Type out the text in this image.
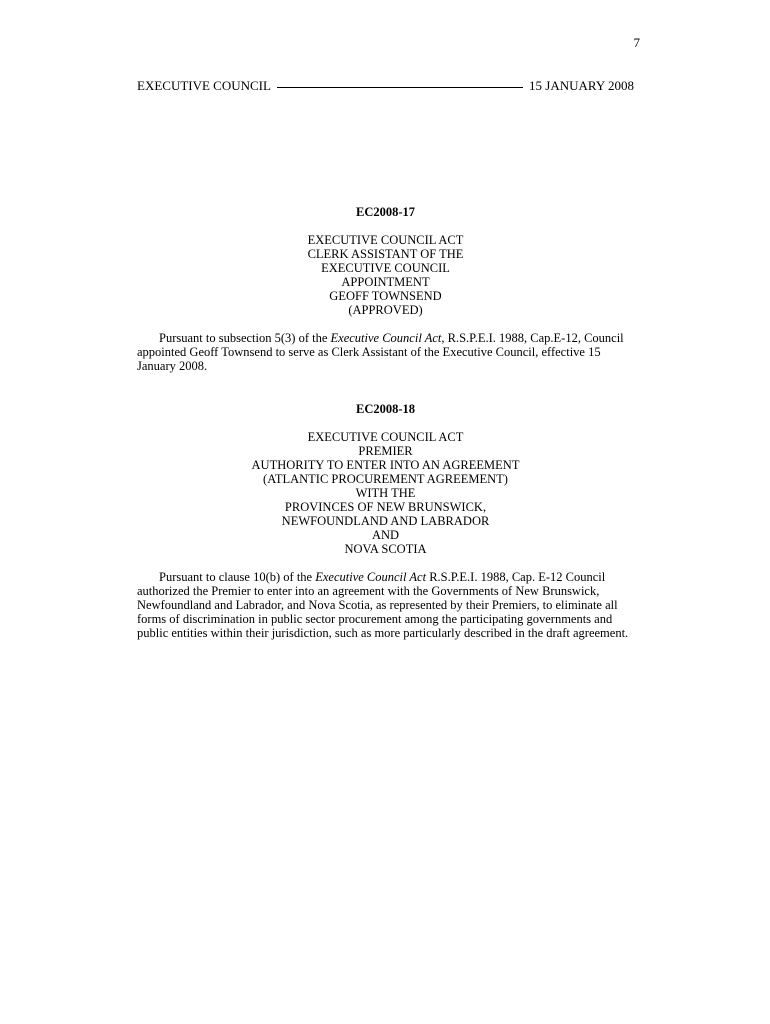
7
EXECUTIVE COUNCIL	15 JANUARY 2008
EC2008-17
EXECUTIVE COUNCIL ACT
CLERK ASSISTANT OF THE
EXECUTIVE COUNCIL
APPOINTMENT
GEOFF TOWNSEND
(APPROVED)

Pursuant to subsection 5(3) of the Executive Council Act, R.S.P.E.I. 1988, Cap.E-12, Council appointed Geoff Townsend to serve as Clerk Assistant of the Executive Council, effective 15 January 2008.

EC2008-18
EXECUTIVE COUNCIL ACT
PREMIER
AUTHORITY TO ENTER INTO AN AGREEMENT
(ATLANTIC PROCUREMENT AGREEMENT)
WITH THE
PROVINCES OF NEW BRUNSWICK,
NEWFOUNDLAND AND LABRADOR
AND
NOVA SCOTIA

Pursuant to clause 10(b) of the Executive Council Act R.S.P.E.I. 1988, Cap. E-12 Council authorized the Premier to enter into an agreement with the Governments of New Brunswick, Newfoundland and Labrador, and Nova Scotia, as represented by their Premiers, to eliminate all forms of discrimination in public sector procurement among the participating governments and public entities within their jurisdiction, such as more particularly described in the draft agreement.
